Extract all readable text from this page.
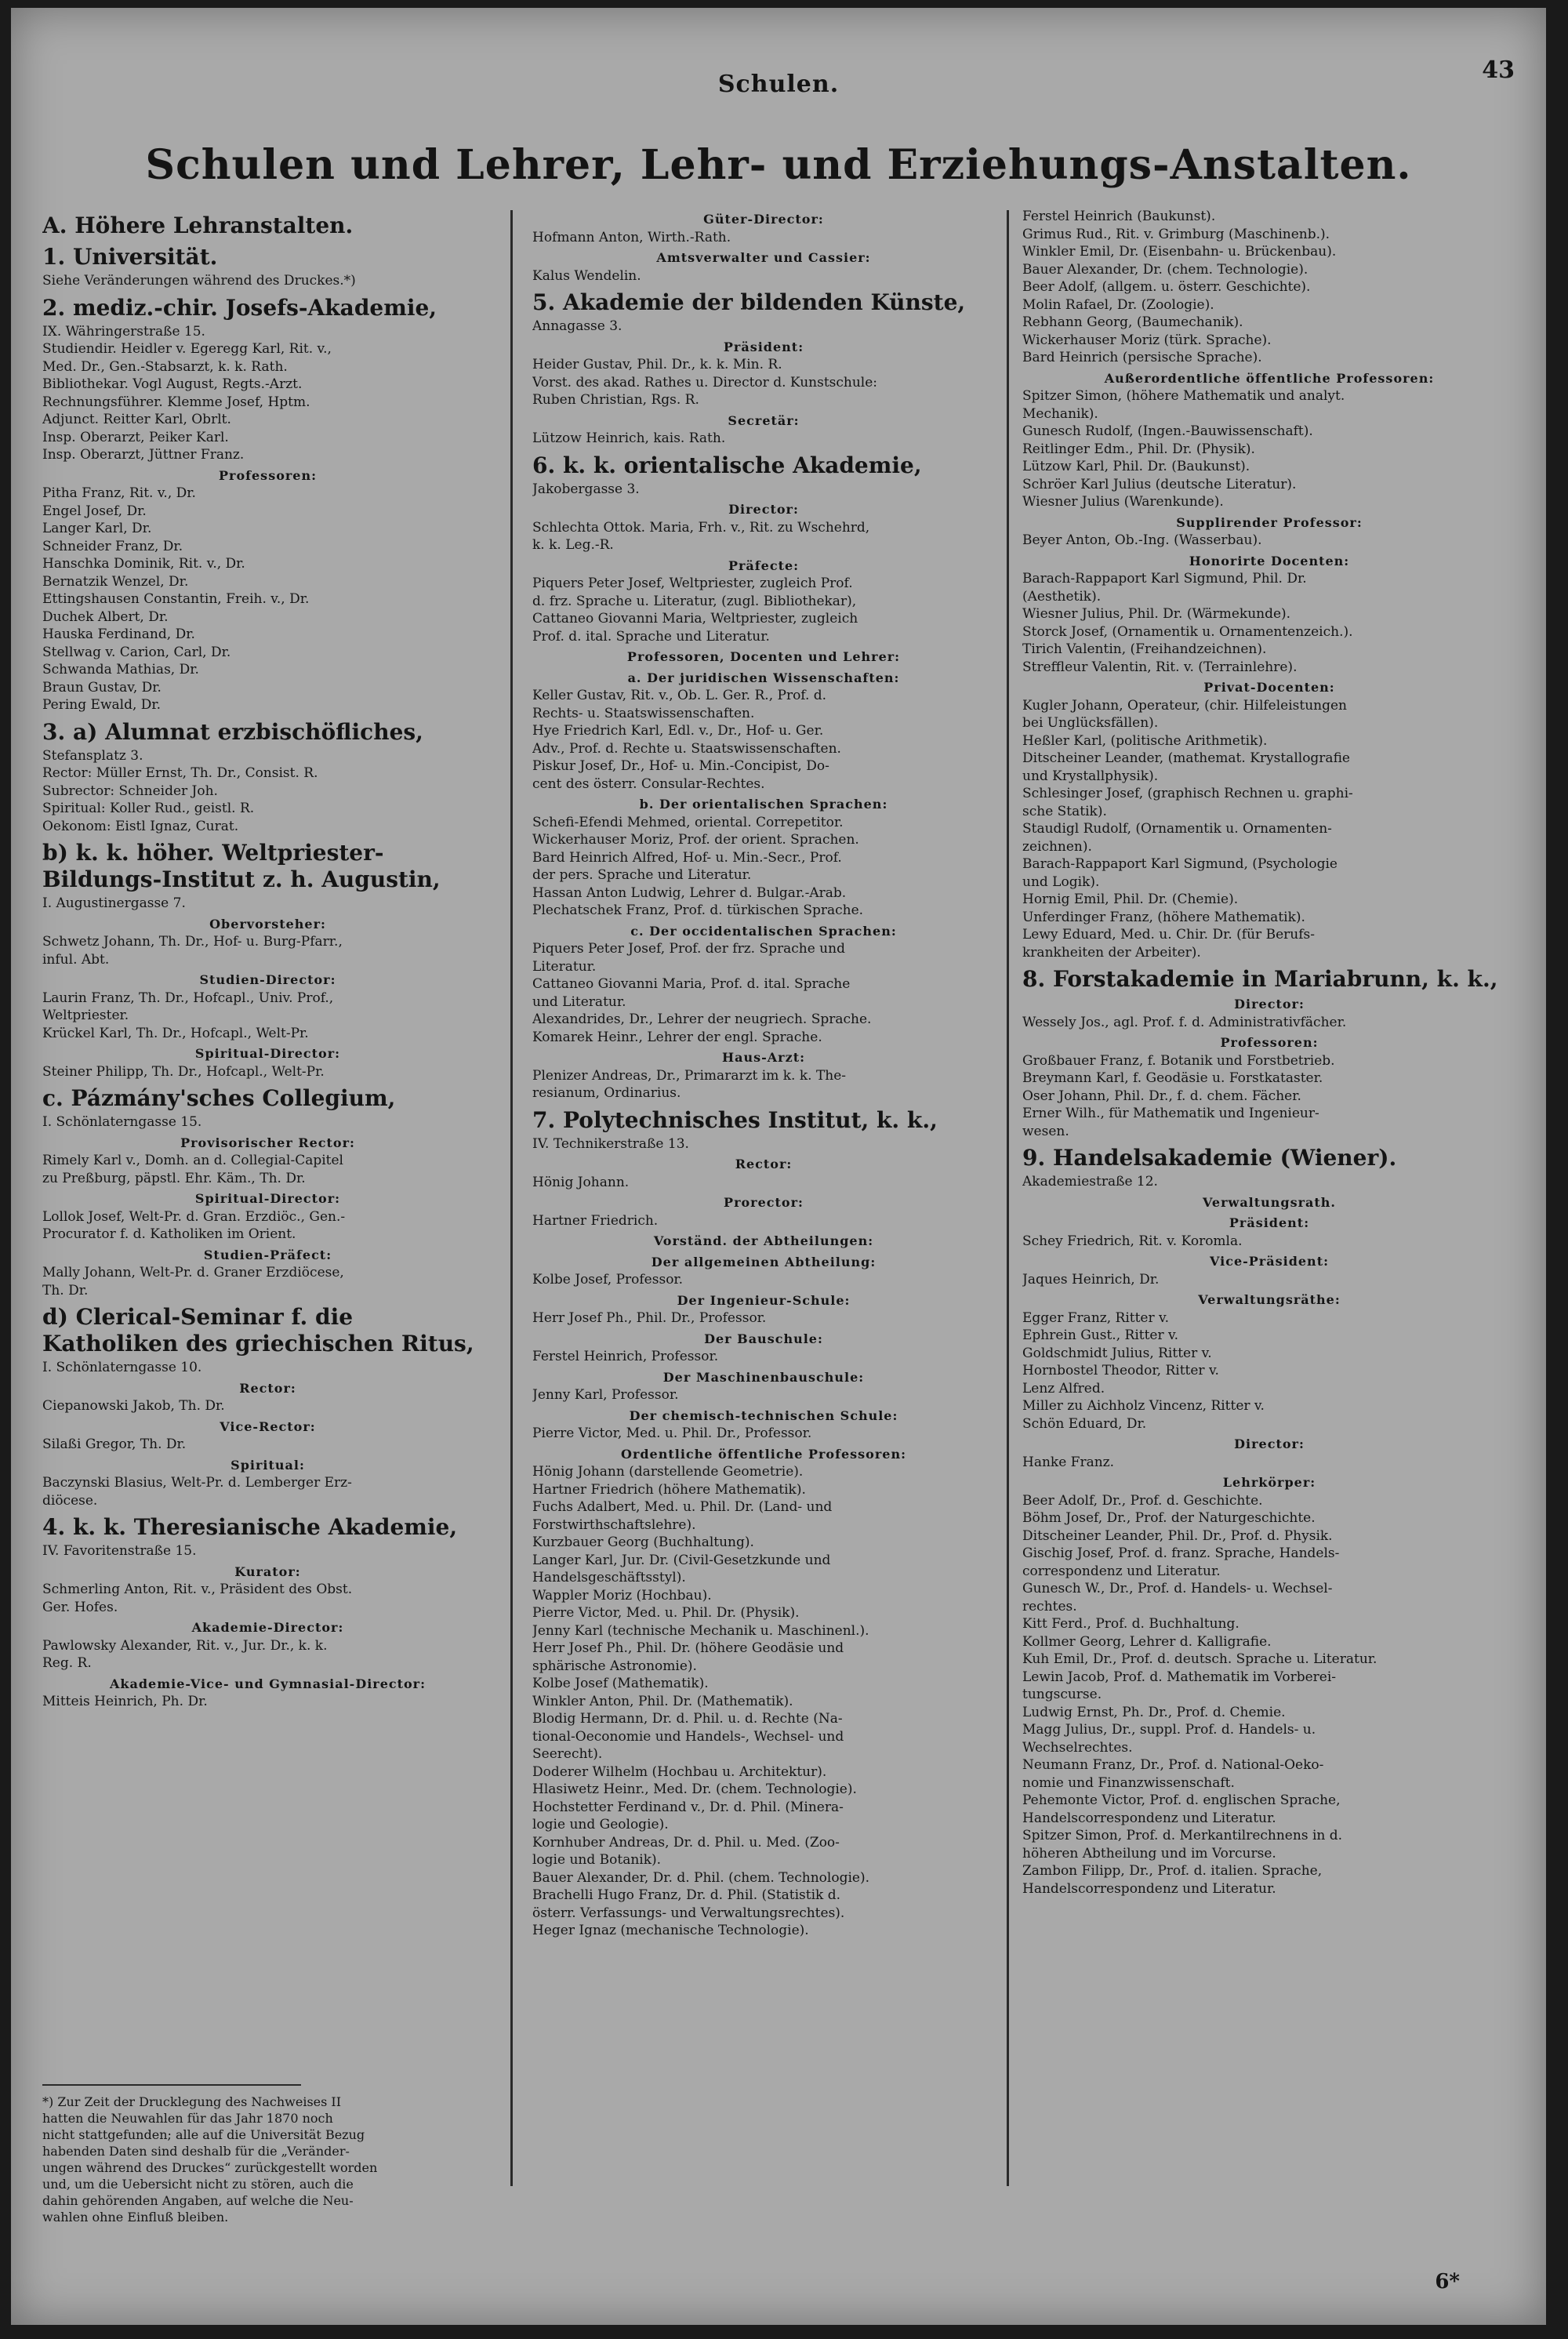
Schulen.
43
Schulen und Lehrer, Lehr- und Erziehungs-Anstalten.
A. Höhere Lehranstalten.
1. Universität.
Siehe Veränderungen während des Druckes.*)
2. mediz.-chir. Josefs-Akademie,
IX. Währingerstraße 15.
Studiendir. Heidler v. Egeregg Karl, Rit. v.,
Med. Dr., Gen.-Stabsarzt, k. k. Rath.
Bibliothekar. Vogl August, Regts.-Arzt.
Rechnungsführer. Klemme Josef, Hptm.
Adjunct. Reitter Karl, Obrlt.
Insp. Oberarzt, Peiker Karl.
Insp. Oberarzt, Jüttner Franz.
Professoren:
Pitha Franz, Rit. v., Dr.
Engel Josef, Dr.
Langer Karl, Dr.
Schneider Franz, Dr.
Hanschka Dominik, Rit. v., Dr.
Bernatzik Wenzel, Dr.
Ettingshausen Constantin, Freih. v., Dr.
Duchek Albert, Dr.
Hauska Ferdinand, Dr.
Stellwag v. Carion, Carl, Dr.
Schwanda Mathias, Dr.
Braun Gustav, Dr.
Pering Ewald, Dr.
3. a) Alumnat erzbischöfliches,
Stefansplatz 3.
Rector: Müller Ernst, Th. Dr., Consist. R.
Subrector: Schneider Joh.
Spiritual: Koller Rud., geistl. R.
Oekonom: Eistl Ignaz, Curat.
b) k. k. höher. Weltpriester-Bildungs-Institut z. h. Augustin,
I. Augustinergasse 7.
Obervorsteher:
Schwetz Johann, Th. Dr., Hof- u. Burg-Pfarr.,
inful. Abt.
Studien-Director:
Laurin Franz, Th. Dr., Hofcapl., Univ. Prof.,
Weltpriester.
Krückel Karl, Th. Dr., Hofcapl., Welt-Pr.
Spiritual-Director:
Steiner Philipp, Th. Dr., Hofcapl., Welt-Pr.
c. Pázmány'sches Collegium,
I. Schönlaterngasse 15.
Provisorischer Rector:
Rimely Karl v., Domh. an d. Collegial-Capitel
zu Preßburg, päpstl. Ehr. Käm., Th. Dr.
Spiritual-Director:
Lollok Josef, Welt-Pr. d. Gran. Erzdiöc., Gen.-
Procurator f. d. Katholiken im Orient.
Studien-Präfect:
Mally Johann, Welt-Pr. d. Graner Erzdiöcese,
Th. Dr.
d) Clerical-Seminar f. die Katholiken des griechischen Ritus,
I. Schönlaterngasse 10.
Rector:
Ciepanowski Jakob, Th. Dr.
Vice-Rector:
Silaßi Gregor, Th. Dr.
Spiritual:
Baczynski Blasius, Welt-Pr. d. Lemberger Erz-
diöcese.
4. k. k. Theresianische Akademie,
IV. Favoritenstraße 15.
Kurator:
Schmerling Anton, Rit. v., Präsident des Obst.
Ger. Hofes.
Akademie-Director:
Pawlowsky Alexander, Rit. v., Jur. Dr., k. k.
Reg. R.
Akademie-Vice- und Gymnasial-Director:
Mitteis Heinrich, Ph. Dr.
Güter-Director:
Hofmann Anton, Wirth.-Rath.
Amtsverwalter und Cassier:
Kalus Wendelin.
5. Akademie der bildenden Künste,
Annagasse 3.
Präsident:
Heider Gustav, Phil. Dr., k. k. Min. R.
Vorst. des akad. Rathes u. Director d. Kunstschule:
Ruben Christian, Rgs. R.
Secretär:
Lützow Heinrich, kais. Rath.
6. k. k. orientalische Akademie,
Jakobergasse 3.
Director:
Schlechta Ottok. Maria, Frh. v., Rit. zu Wschehrd,
k. k. Leg.-R.
Präfecte:
Piquers Peter Josef, Weltpriester, zugleich Prof.
d. frz. Sprache u. Literatur, (zugl. Bibliothekar),
Cattaneo Giovanni Maria, Weltpriester, zugleich
Prof. d. ital. Sprache und Literatur.
Professoren, Docenten und Lehrer:
a. Der juridischen Wissenschaften:
Keller Gustav, Rit. v., Ob. L. Ger. R., Prof. d.
Rechts- u. Staatswissenschaften.
Hye Friedrich Karl, Edl. v., Dr., Hof- u. Ger.
Adv., Prof. d. Rechte u. Staatswissenschaften.
Piskur Josef, Dr., Hof- u. Min.-Concipist, Do-
cent des österr. Consular-Rechtes.
b. Der orientalischen Sprachen:
Schefi-Efendi Mehmed, oriental. Correpetitor.
Wickerhauser Moriz, Prof. der orient. Sprachen.
Bard Heinrich Alfred, Hof- u. Min.-Secr., Prof.
der pers. Sprache und Literatur.
Hassan Anton Ludwig, Lehrer d. Bulgar.-Arab.
Plechatschek Franz, Prof. d. türkischen Sprache.
c. Der occidentalischen Sprachen:
Piquers Peter Josef, Prof. der frz. Sprache und
Literatur.
Cattaneo Giovanni Maria, Prof. d. ital. Sprache
und Literatur.
Alexandrides, Dr., Lehrer der neugriech. Sprache.
Komarek Heinr., Lehrer der engl. Sprache.
Haus-Arzt:
Plenizer Andreas, Dr., Primararzt im k. k. The-
resianum, Ordinarius.
7. Polytechnisches Institut, k. k.,
IV. Technikerstraße 13.
Rector:
Hönig Johann.
Prorector:
Hartner Friedrich.
Vorständ. der Abtheilungen:
Der allgemeinen Abtheilung:
Kolbe Josef, Professor.
Der Ingenieur-Schule:
Herr Josef Ph., Phil. Dr., Professor.
Der Bauschule:
Ferstel Heinrich, Professor.
Der Maschinenbauschule:
Jenny Karl, Professor.
Der chemisch-technischen Schule:
Pierre Victor, Med. u. Phil. Dr., Professor.
Ordentliche öffentliche Professoren:
Hönig Johann (darstellende Geometrie).
Hartner Friedrich (höhere Mathematik).
Fuchs Adalbert, Med. u. Phil. Dr. (Land- und
Forstwirthschaftslehre).
Kurzbauer Georg (Buchhaltung).
Langer Karl, Jur. Dr. (Civil-Gesetzkunde und
Handelsgeschäftsstyl).
Wappler Moriz (Hochbau).
Pierre Victor, Med. u. Phil. Dr. (Physik).
Jenny Karl (technische Mechanik u. Maschinenl.).
Herr Josef Ph., Phil. Dr. (höhere Geodäsie und
sphärische Astronomie).
Kolbe Josef (Mathematik).
Winkler Anton, Phil. Dr. (Mathematik).
Blodig Hermann, Dr. d. Phil. u. d. Rechte (Na-
tional-Oeconomie und Handels-, Wechsel- und
Seerecht).
Doderer Wilhelm (Hochbau u. Architektur).
Hlasiwetz Heinr., Med. Dr. (chem. Technologie).
Hochstetter Ferdinand v., Dr. d. Phil. (Minera-
logie und Geologie).
Kornhuber Andreas, Dr. d. Phil. u. Med. (Zoo-
logie und Botanik).
Bauer Alexander, Dr. d. Phil. (chem. Technologie).
Brachelli Hugo Franz, Dr. d. Phil. (Statistik d.
österr. Verfassungs- und Verwaltungsrechtes).
Heger Ignaz (mechanische Technologie).
Ferstel Heinrich (Baukunst).
Grimus Rud., Rit. v. Grimburg (Maschinenb.).
Winkler Emil, Dr. (Eisenbahn- u. Brückenbau).
Bauer Alexander, Dr. (chem. Technologie).
Beer Adolf, (allgem. u. österr. Geschichte).
Molin Rafael, Dr. (Zoologie).
Rebhann Georg, (Baumechanik).
Wickerhauser Moriz (türk. Sprache).
Bard Heinrich (persische Sprache).
Außerordentliche öffentliche Professoren:
Spitzer Simon, (höhere Mathematik und analyt.
Mechanik).
Gunesch Rudolf, (Ingen.-Bauwissenschaft).
Reitlinger Edm., Phil. Dr. (Physik).
Lützow Karl, Phil. Dr. (Baukunst).
Schröer Karl Julius (deutsche Literatur).
Wiesner Julius (Warenkunde).
Supplirender Professor:
Beyer Anton, Ob.-Ing. (Wasserbau).
Honorirte Docenten:
Barach-Rappaport Karl Sigmund, Phil. Dr.
(Aesthetik).
Wiesner Julius, Phil. Dr. (Wärmekunde).
Storck Josef, (Ornamentik u. Ornamentenzeich.).
Tirich Valentin, (Freihandzeichnen).
Streffleur Valentin, Rit. v. (Terrainlehre).
Privat-Docenten:
Kugler Johann, Operateur, (chir. Hilfeleistungen
bei Unglücksfällen).
Heßler Karl, (politische Arithmetik).
Ditscheiner Leander, (mathemat. Krystallografie
und Krystallphysik).
Schlesinger Josef, (graphisch Rechnen u. graphi-
sche Statik).
Staudigl Rudolf, (Ornamentik u. Ornamenten-
zeichnen).
Barach-Rappaport Karl Sigmund, (Psychologie
und Logik).
Hornig Emil, Phil. Dr. (Chemie).
Unferdinger Franz, (höhere Mathematik).
Lewy Eduard, Med. u. Chir. Dr. (für Berufs-
krankheiten der Arbeiter).
8. Forstakademie in Mariabrunn, k. k.,
Director:
Wessely Jos., agl. Prof. f. d. Administrativfächer.
Professoren:
Großbauer Franz, f. Botanik und Forstbetrieb.
Breymann Karl, f. Geodäsie u. Forstkataster.
Oser Johann, Phil. Dr., f. d. chem. Fächer.
Erner Wilh., für Mathematik und Ingenieur-
wesen.
9. Handelsakademie (Wiener).
Akademiestraße 12.
Verwaltungsrath.
Präsident:
Schey Friedrich, Rit. v. Koromla.
Vice-Präsident:
Jaques Heinrich, Dr.
Verwaltungsräthe:
Egger Franz, Ritter v.
Ephrein Gust., Ritter v.
Goldschmidt Julius, Ritter v.
Hornbostel Theodor, Ritter v.
Lenz Alfred.
Miller zu Aichholz Vincenz, Ritter v.
Schön Eduard, Dr.
Director:
Hanke Franz.
Lehrkörper:
Beer Adolf, Dr., Prof. d. Geschichte.
Böhm Josef, Dr., Prof. der Naturgeschichte.
Ditscheiner Leander, Phil. Dr., Prof. d. Physik.
Gischig Josef, Prof. d. franz. Sprache, Handels-
correspondenz und Literatur.
Gunesch W., Dr., Prof. d. Handels- u. Wechsel-
rechtes.
Kitt Ferd., Prof. d. Buchhaltung.
Kollmer Georg, Lehrer d. Kalligrafie.
Kuh Emil, Dr., Prof. d. deutsch. Sprache u. Literatur.
Lewin Jacob, Prof. d. Mathematik im Vorberei-
tungscurse.
Ludwig Ernst, Ph. Dr., Prof. d. Chemie.
Magg Julius, Dr., suppl. Prof. d. Handels- u.
Wechselrechtes.
Neumann Franz, Dr., Prof. d. National-Oeko-
nomie und Finanzwissenschaft.
Pehemonte Victor, Prof. d. englischen Sprache,
Handelscorrespondenz und Literatur.
Spitzer Simon, Prof. d. Merkantilrechnens in d.
höheren Abtheilung und im Vorcurse.
Zambon Filipp, Dr., Prof. d. italien. Sprache,
Handelscorrespondenz und Literatur.
*) Zur Zeit der Drucklegung des Nachweises II
hatten die Neuwahlen für das Jahr 1870 noch
nicht stattgefunden; alle auf die Universität Bezug
habenden Daten sind deshalb für die „Veränder-
ungen während des Druckes“ zurückgestellt worden
und, um die Uebersicht nicht zu stören, auch die
dahin gehörenden Angaben, auf welche die Neu-
wahlen ohne Einfluß bleiben.
6*
